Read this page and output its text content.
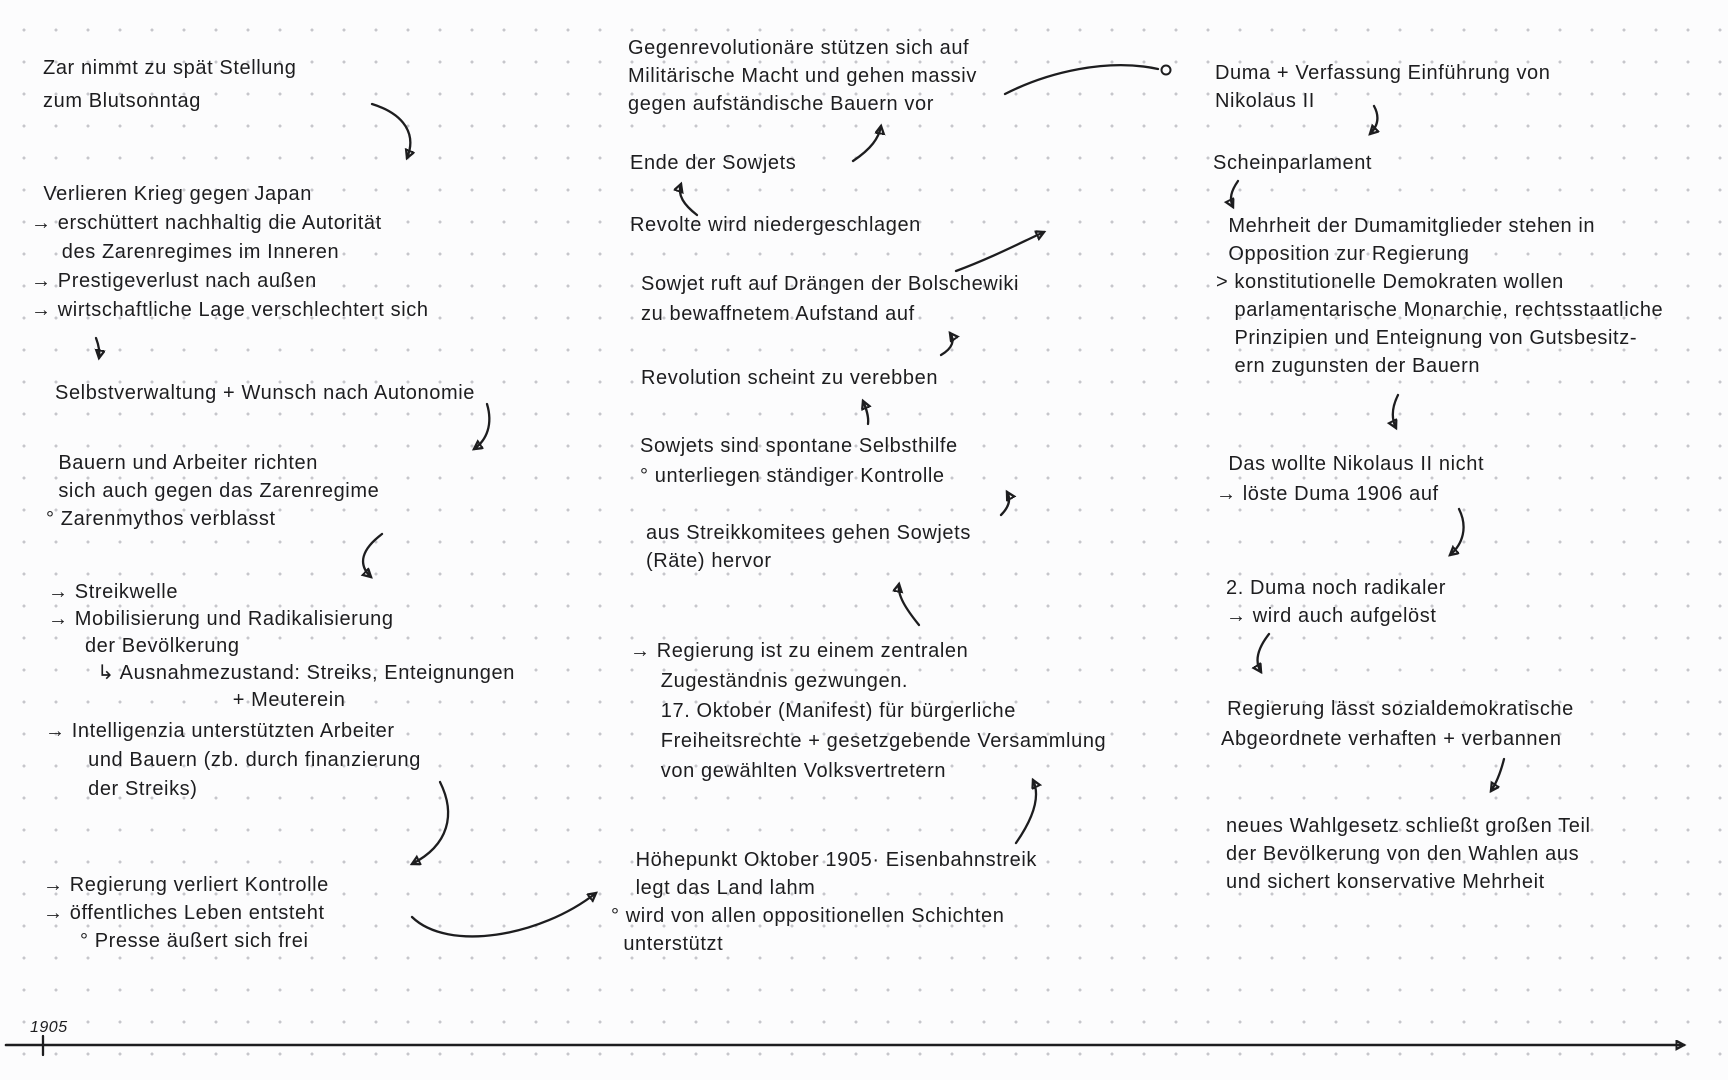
Zar nimmt zu spät Stellung
zum Blutsonntag
Verlieren Krieg gegen Japan
→ erschüttert nachhaltig die Autorität
des Zarenregimes im Inneren
→ Prestigeverlust nach außen
→ wirtschaftliche Lage verschlechtert sich
Selbstverwaltung + Wunsch nach Autonomie
Bauern und Arbeiter richten
sich auch gegen das Zarenregime
° Zarenmythos verblasst
→ Streikwelle
→ Mobilisierung und Radikalisierung
der Bevölkerung
↳ Ausnahmezustand: Streiks, Enteignungen
+ Meuterein
→ Intelligenzia unterstützten Arbeiter
und Bauern (zb. durch finanzierung
der Streiks)
→ Regierung verliert Kontrolle
→ öffentliches Leben entsteht
° Presse äußert sich frei
Gegenrevolutionäre stützen sich auf
Militärische Macht und gehen massiv
gegen aufständische Bauern vor
Ende der Sowjets
Revolte wird niedergeschlagen
Sowjet ruft auf Drängen der Bolschewiki
zu bewaffnetem Aufstand auf
Revolution scheint zu verebben
Sowjets sind spontane Selbsthilfe
° unterliegen ständiger Kontrolle
aus Streikkomitees gehen Sowjets
(Räte) hervor
→ Regierung ist zu einem zentralen
Zugeständnis gezwungen.
17. Oktober (Manifest) für bürgerliche
Freiheitsrechte + gesetzgebende Versammlung
von gewählten Volksvertretern
Höhepunkt Oktober 1905· Eisenbahnstreik
legt das Land lahm
° wird von allen oppositionellen Schichten
unterstützt
Duma + Verfassung Einführung von
Nikolaus II
Scheinparlament
Mehrheit der Dumamitglieder stehen in
Opposition zur Regierung
> konstitutionelle Demokraten wollen
parlamentarische Monarchie, rechtsstaatliche
Prinzipien und Enteignung von Gutsbesitz-
ern zugunsten der Bauern
Das wollte Nikolaus II nicht
→ löste Duma 1906 auf
2. Duma noch radikaler
→ wird auch aufgelöst
Regierung lässt sozialdemokratische
Abgeordnete verhaften + verbannen
neues Wahlgesetz schließt großen Teil
der Bevölkerung von den Wahlen aus
und sichert konservative Mehrheit
1905
